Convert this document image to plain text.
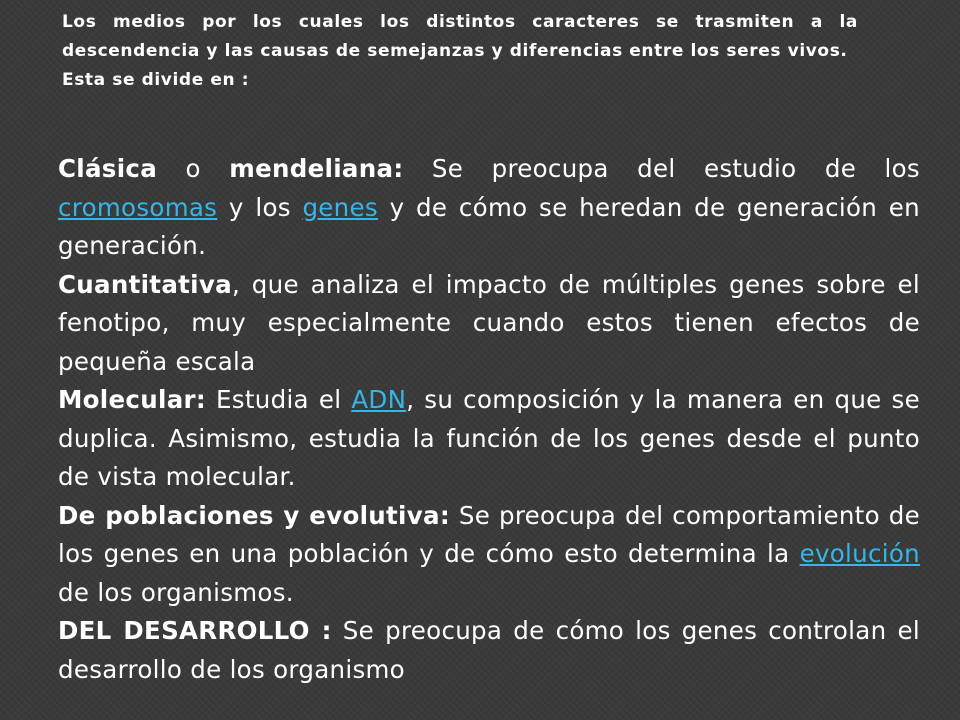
Los medios por los cuales los distintos caracteres se trasmiten a la descendencia y las causas de semejanzas y diferencias entre los seres vivos.

Esta se divide en :

Clásica o mendeliana: Se preocupa del estudio de los cromosomas y los genes y de cómo se heredan de generación en generación.

Cuantitativa, que analiza el impacto de múltiples genes sobre el fenotipo, muy especialmente cuando estos tienen efectos de pequeña escala

Molecular: Estudia el ADN, su composición y la manera en que se duplica. Asimismo, estudia la función de los genes desde el punto de vista molecular.

De poblaciones y evolutiva: Se preocupa del comportamiento de los genes en una población y de cómo esto determina la evolución de los organismos.

DEL DESARROLLO : Se preocupa de cómo los genes controlan el desarrollo de los organismo
